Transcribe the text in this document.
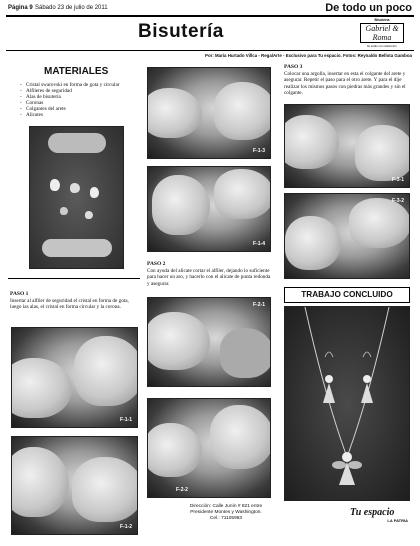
Página 9 Sábado 23 de julio de 2011	De todo un poco
Bisutería
Bisutería
Gabriel & Roma
El estilo con distinción
Por: María Hurtado Villca - RegalArte - Exclusivo para Tu espacio. Fotos: Reynaldo Bellota Gamboa
MATERIALES
- Cristal swarovski en forma de gota y circular
- Alfileres de seguridad
- Alas de bisutería
- Coronas
- Colgantes del arete
- Alicates
PASO 1
Insertar al alfiler de seguridad el cristal en forma de gota, luego las alas, el cristal en forma circular y la corona.
F-1-1
F-1-2
F-1-3
F-1-4
PASO 2
Con ayuda del alicate cortar el alfiler, dejando lo suficiente para hacer un aro, y hacerlo con el alicate de punta redonda y asegurar.
F-2-1
F-2-2
Dirección: Calle Junín # 821 entre
Presidente Montes y Washington.
Cel.: 71105983
PASO 3
Colocar una argolla, insertar en esta el colgante del arete y asegurar. Repetir el paso para el otro arete. Y para el dije realizar los mismos pasos con piedras más grandes y sin el colgante.
F-3-1
F-3-2
TRABAJO CONCLUIDO
Tu espacio
LA PATRIA
